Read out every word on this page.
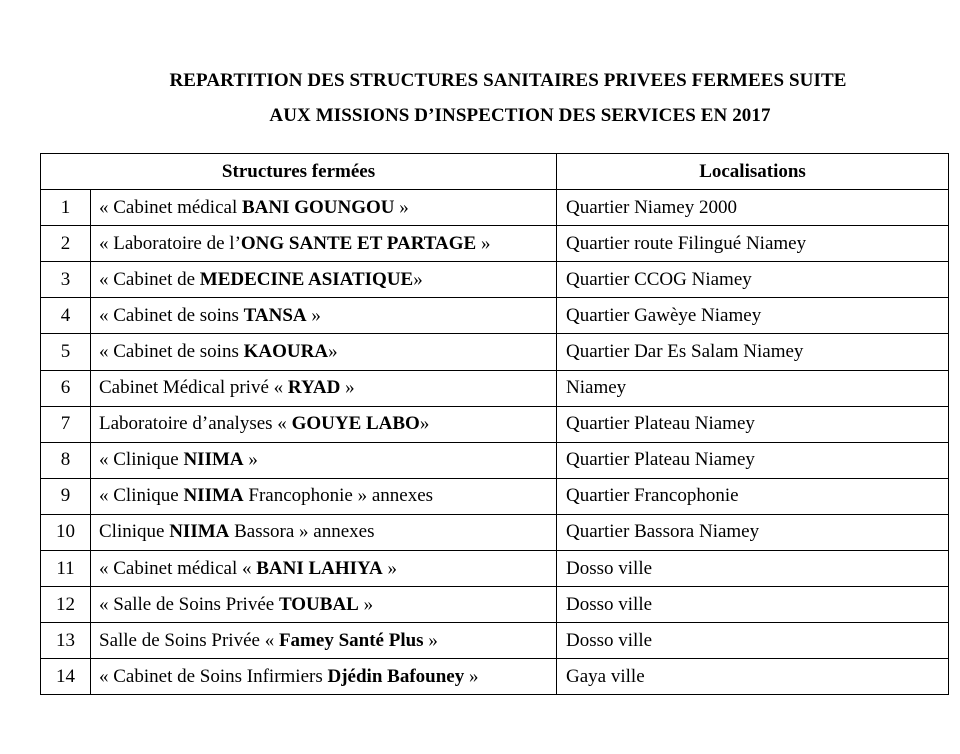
REPARTITION DES STRUCTURES SANITAIRES PRIVEES FERMEES SUITE
AUX MISSIONS D’INSPECTION DES SERVICES EN 2017
Structures fermées		Localisations
1	« Cabinet médical BANI GOUNGOU »	Quartier Niamey 2000
2	« Laboratoire de l’ONG SANTE ET PARTAGE »	Quartier route Filingué Niamey
3	« Cabinet de MEDECINE ASIATIQUE»	Quartier CCOG Niamey
4	« Cabinet de soins TANSA »	Quartier Gawèye Niamey
5	« Cabinet de soins KAOURA»	Quartier Dar Es Salam Niamey
6	Cabinet Médical privé « RYAD »	Niamey
7	Laboratoire d’analyses « GOUYE LABO»	Quartier Plateau Niamey
8	« Clinique NIIMA »	Quartier Plateau Niamey
9	« Clinique NIIMA Francophonie » annexes	Quartier Francophonie
10	Clinique NIIMA Bassora » annexes	Quartier Bassora Niamey
11	« Cabinet médical « BANI LAHIYA »	Dosso ville
12	« Salle de Soins Privée TOUBAL »	Dosso ville
13	Salle de Soins Privée « Famey Santé Plus »	Dosso ville
14	« Cabinet de Soins Infirmiers Djédin Bafouney »	Gaya ville
